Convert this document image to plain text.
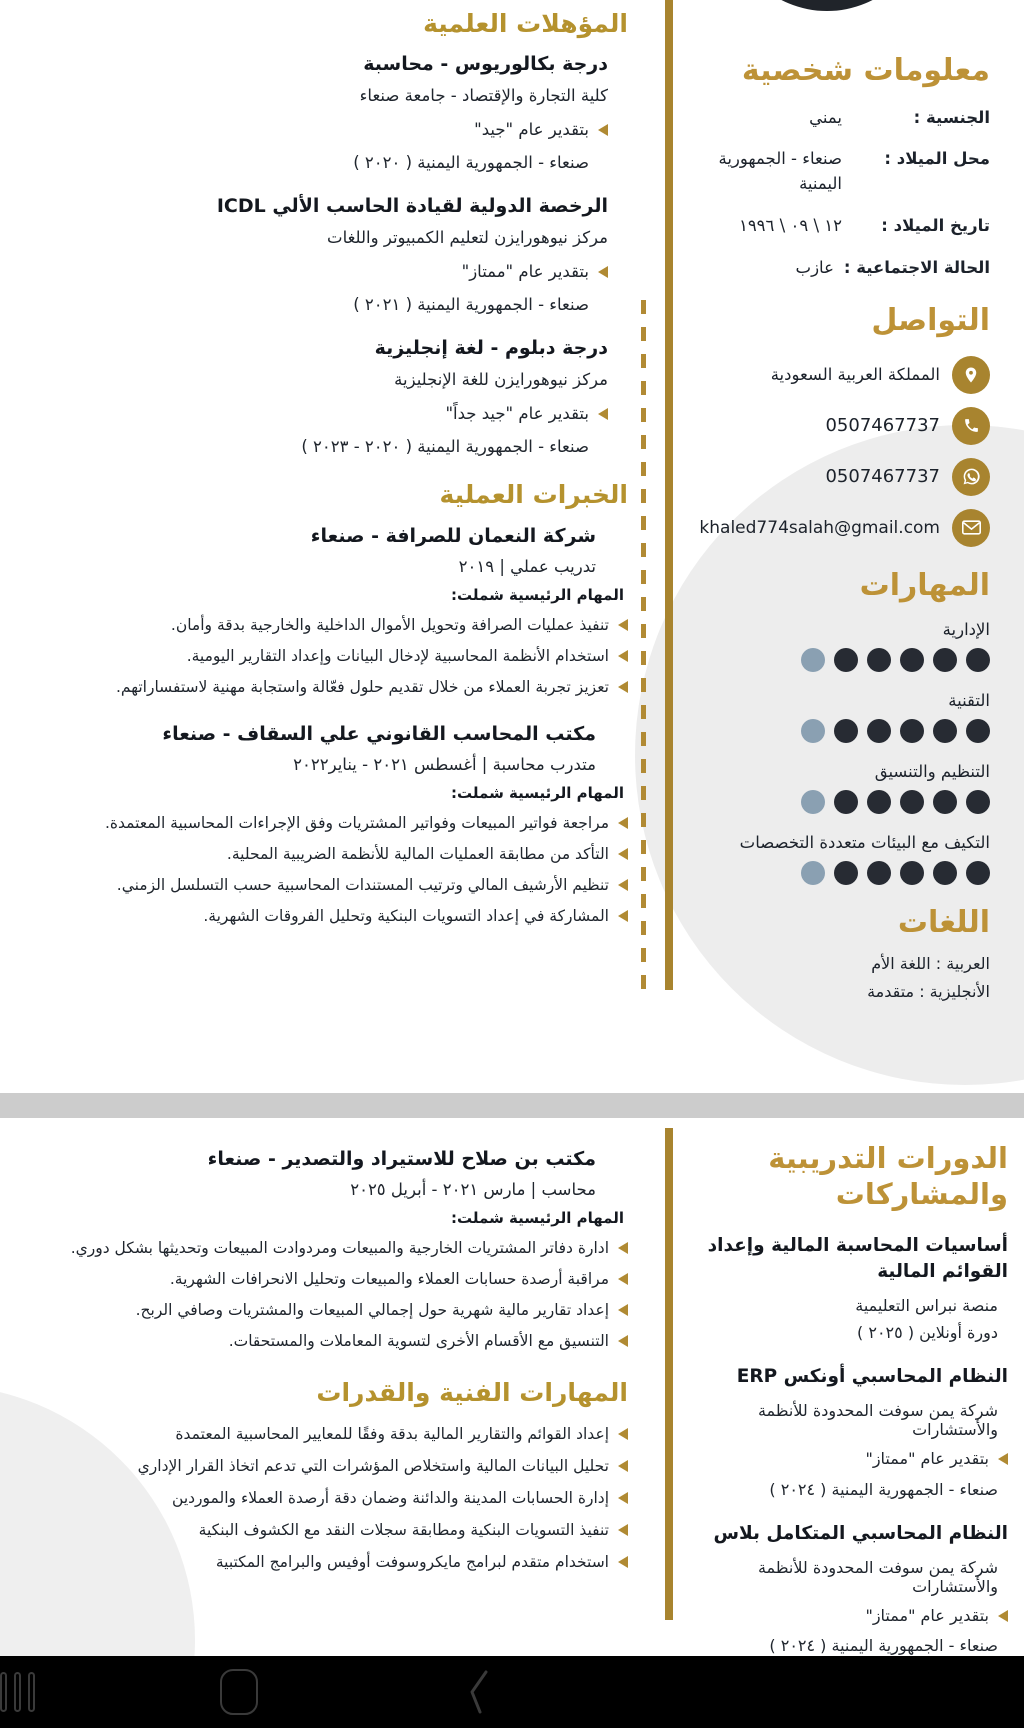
معلومات شخصية
الجنسية :
يمني
محل الميلاد :
صنعاء - الجمهورية اليمنية
تاريخ الميلاد :
١٢ \ ٠٩ \ ١٩٩٦
الحالة الاجتماعية :
عازب
التواصل
المملكة العربية السعودية
0507467737
0507467737
khaled774salah@gmail.com
المهارات
الإدارية
التقنية
التنظيم والتنسيق
التكيف مع البيئات متعددة التخصصات
اللغات
العربية : اللغة الأم
الأنجليزية : متقدمة
المؤهلات العلمية
درجة بكالوريوس - محاسبة
كلية التجارة والإقتصاد - جامعة صنعاء
بتقدير عام "جيد"
صنعاء - الجمهورية اليمنية ( ٢٠٢٠ )
الرخصة الدولية لقيادة الحاسب الألي ICDL
مركز نيوهورايزن لتعليم الكمبيوتر واللغات
بتقدير عام "ممتاز"
صنعاء - الجمهورية اليمنية ( ٢٠٢١ )
درجة دبلوم - لغة إنجليزية
مركز نيوهورايزن للغة الإنجليزية
بتقدير عام "جيد جداً"
صنعاء - الجمهورية اليمنية ( ٢٠٢٠ - ٢٠٢٣ )
الخبرات العملية
شركة النعمان للصرافة - صنعاء
تدريب عملي | ٢٠١٩
المهام الرئيسية شملت:
تنفيذ عمليات الصرافة وتحويل الأموال الداخلية والخارجية بدقة وأمان.
استخدام الأنظمة المحاسبية لإدخال البيانات وإعداد التقارير اليومية.
تعزيز تجربة العملاء من خلال تقديم حلول فعّالة واستجابة مهنية لاستفساراتهم.
مكتب المحاسب القانوني علي السقاف - صنعاء
متدرب محاسبة | أغسطس ٢٠٢١ - يناير٢٠٢٢
المهام الرئيسية شملت:
مراجعة فواتير المبيعات وفواتير المشتريات وفق الإجراءات المحاسبية المعتمدة.
التأكد من مطابقة العمليات المالية للأنظمة الضريبية المحلية.
تنظيم الأرشيف المالي وترتيب المستندات المحاسبية حسب التسلسل الزمني.
المشاركة في إعداد التسويات البنكية وتحليل الفروقات الشهرية.
الدورات التدريبية والمشاركات
أساسيات المحاسبة المالية وإعداد القوائم المالية
منصة نبراس التعليمية
دورة أونلاين ( ٢٠٢٥ )
النظام المحاسبي أونكس ERP
شركة يمن سوفت المحدودة للأنظمة والأستشارات
بتقدير عام "ممتاز"
صنعاء - الجمهورية اليمنية ( ٢٠٢٤ )
النظام المحاسبي المتكامل بلاس
شركة يمن سوفت المحدودة للأنظمة والأستشارات
بتقدير عام "ممتاز"
صنعاء - الجمهورية اليمنية ( ٢٠٢٤ )
مكتب بن صلاح للاستيراد والتصدير - صنعاء
محاسب | مارس ٢٠٢١ - أبريل ٢٠٢٥
المهام الرئيسية شملت:
ادارة دفاتر المشتريات الخارجية والمبيعات ومردوادت المبيعات وتحديثها بشكل دوري.
مراقبة أرصدة حسابات العملاء والمبيعات وتحليل الانحرافات الشهرية.
إعداد تقارير مالية شهرية حول إجمالي المبيعات والمشتريات وصافي الربح.
التنسيق مع الأقسام الأخرى لتسوية المعاملات والمستحقات.
المهارات الفنية والقدرات
إعداد القوائم والتقارير المالية بدقة وفقًا للمعايير المحاسبية المعتمدة
تحليل البيانات المالية واستخلاص المؤشرات التي تدعم اتخاذ القرار الإداري
إدارة الحسابات المدينة والدائنة وضمان دقة أرصدة العملاء والموردين
تنفيذ التسويات البنكية ومطابقة سجلات النقد مع الكشوف البنكية
استخدام متقدم لبرامج مايكروسوفت أوفيس والبرامج المكتبية
